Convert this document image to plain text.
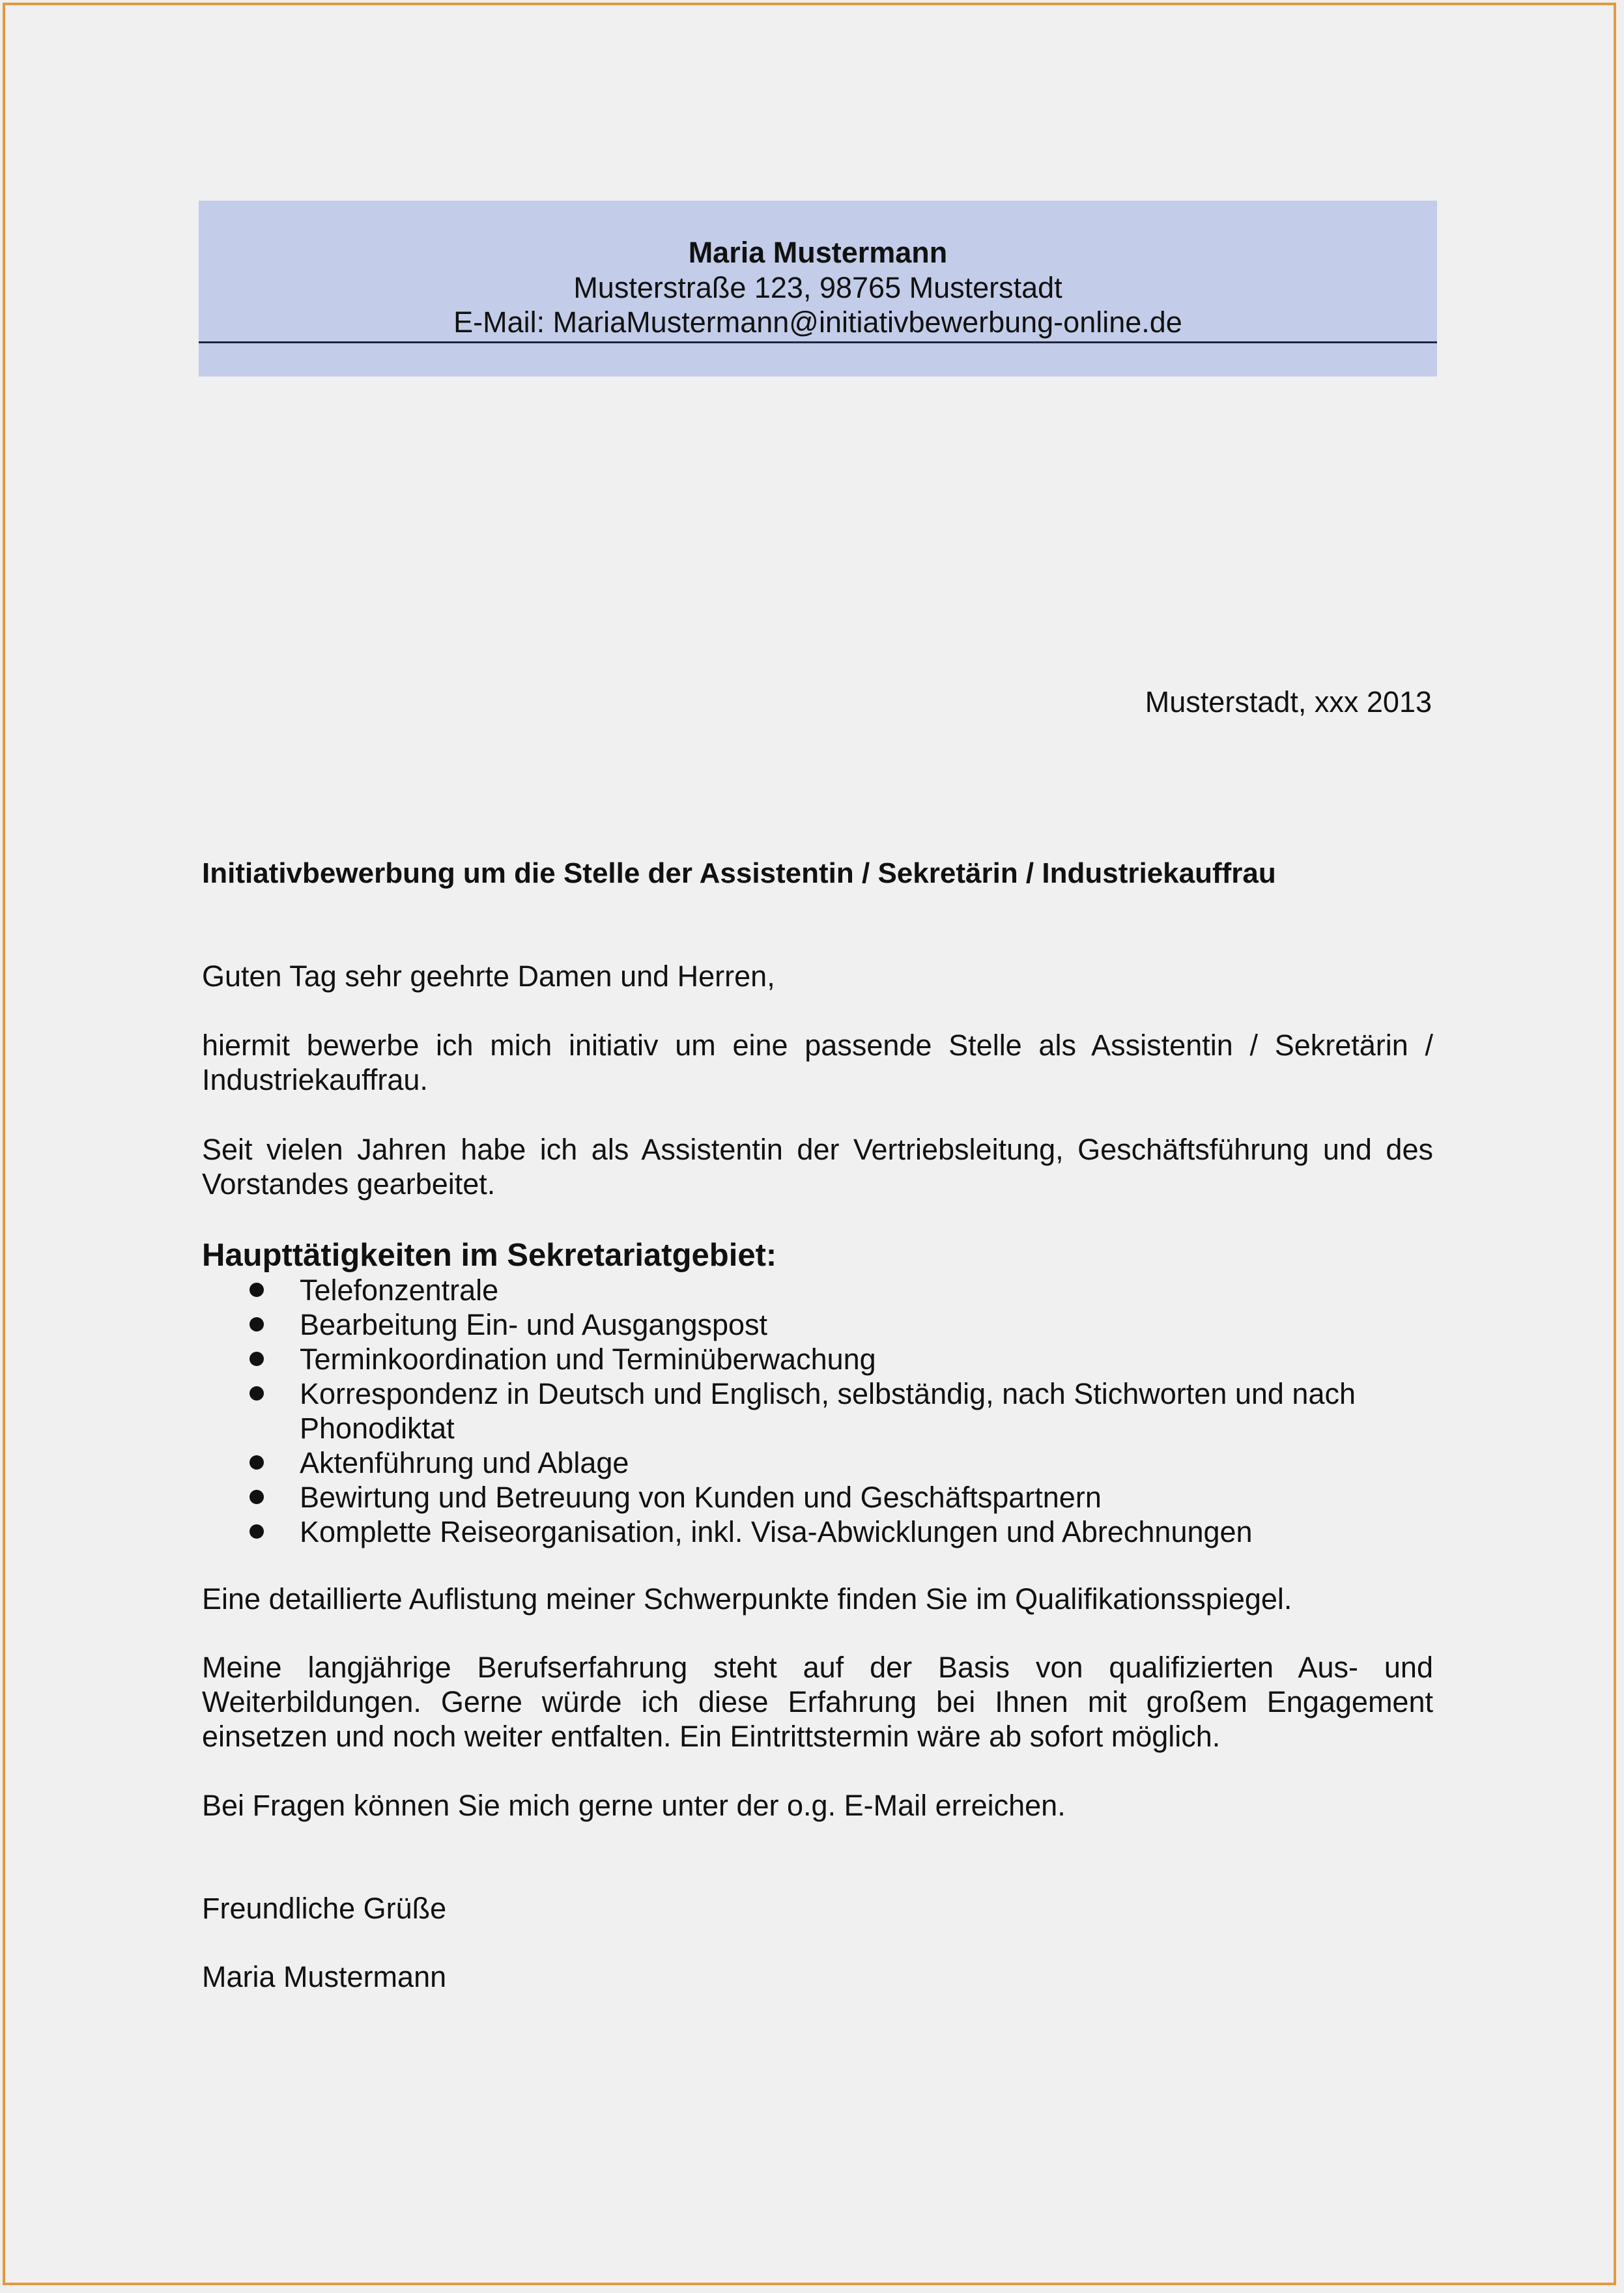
Maria Mustermann
Musterstraße 123, 98765 Musterstadt
E-Mail: MariaMustermann@initiativbewerbung-online.de
Musterstadt, xxx 2013

Initiativbewerbung um die Stelle der Assistentin / Sekretärin / Industriekauffrau

Guten Tag sehr geehrte Damen und Herren,

hiermit bewerbe ich mich initiativ um eine passende Stelle als Assistentin / Sekretärin / Industriekauffrau.

Seit vielen Jahren habe ich als Assistentin der Vertriebsleitung, Geschäftsführung und des Vorstandes gearbeitet.

Haupttätigkeiten im Sekretariatgebiet:
Telefonzentrale
Bearbeitung Ein- und Ausgangspost
Terminkoordination und Terminüberwachung
Korrespondenz in Deutsch und Englisch, selbständig, nach Stichworten und nach Phonodiktat
Aktenführung und Ablage
Bewirtung und Betreuung von Kunden und Geschäftspartnern
Komplette Reiseorganisation, inkl. Visa-Abwicklungen und Abrechnungen

Eine detaillierte Auflistung meiner Schwerpunkte finden Sie im Qualifikationsspiegel.

Meine langjährige Berufserfahrung steht auf der Basis von qualifizierten Aus- und Weiterbildungen. Gerne würde ich diese Erfahrung bei Ihnen mit großem Engagement einsetzen und noch weiter entfalten. Ein Eintrittstermin wäre ab sofort möglich.

Bei Fragen können Sie mich gerne unter der o.g. E-Mail erreichen.

Freundliche Grüße

Maria Mustermann
